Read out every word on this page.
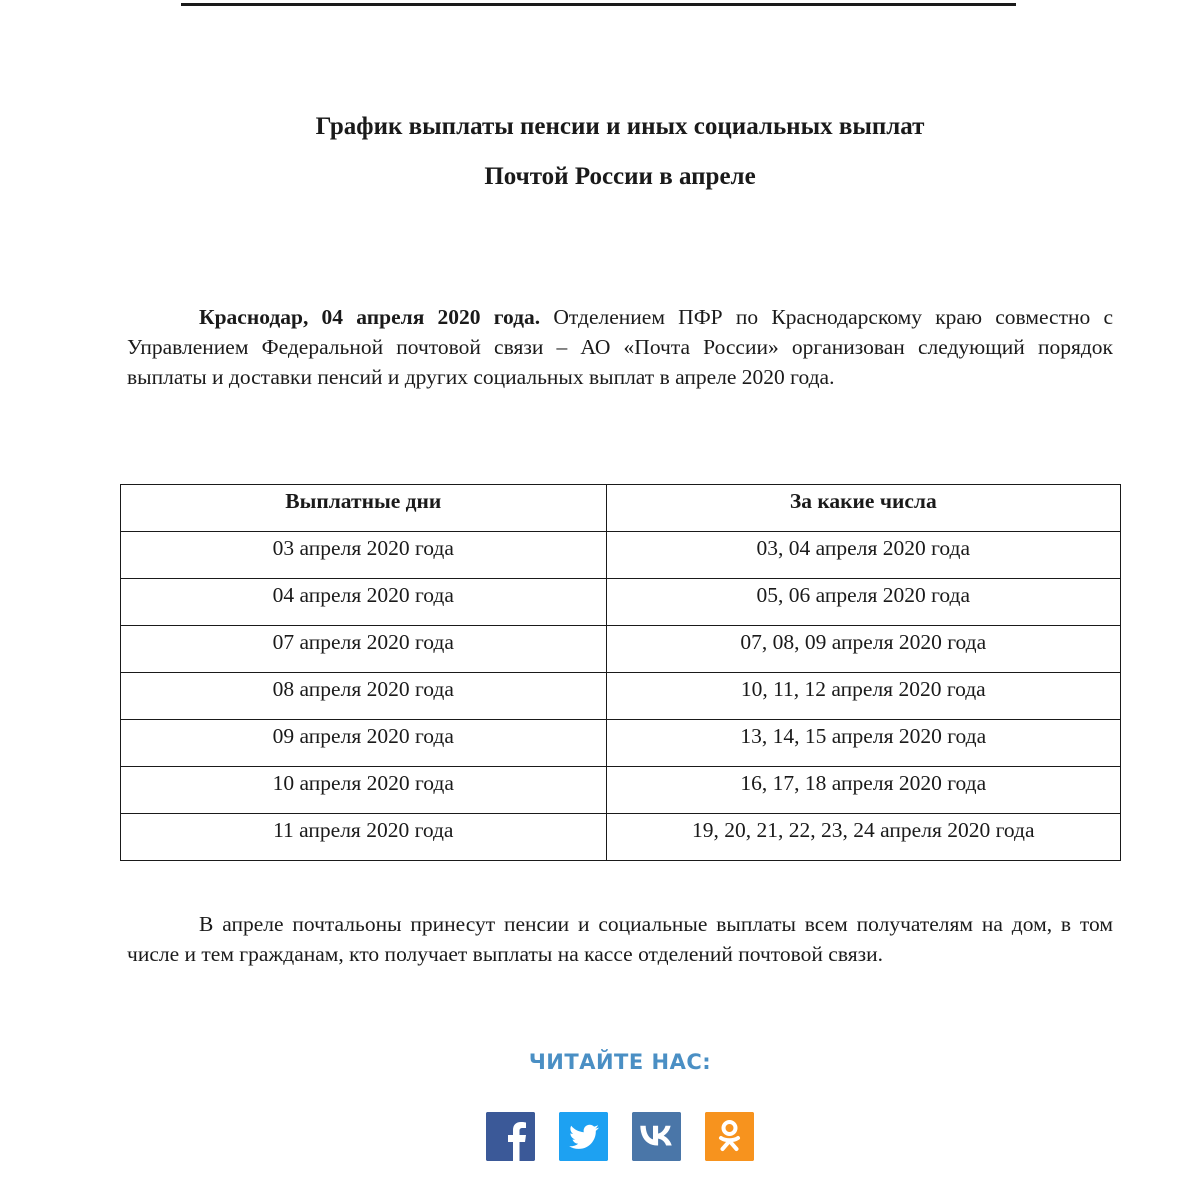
График выплаты пенсии и иных социальных выплат
Почтой России в апреле

Краснодар, 04 апреля 2020 года. Отделением ПФР по Краснодарскому краю совместно с Управлением Федеральной почтовой связи – АО «Почта России» организован следующий порядок выплаты и доставки пенсий и других социальных выплат в апреле 2020 года.

Выплатные дни	За какие числа
03 апреля 2020 года	03, 04 апреля 2020 года
04 апреля 2020 года	05, 06 апреля 2020 года
07 апреля 2020 года	07, 08, 09 апреля 2020 года
08 апреля 2020 года	10, 11, 12 апреля 2020 года
09 апреля 2020 года	13, 14, 15 апреля 2020 года
10 апреля 2020 года	16, 17, 18 апреля 2020 года
11 апреля 2020 года	19, 20, 21, 22, 23, 24 апреля 2020 года

В апреле почтальоны принесут пенсии и социальные выплаты всем получателям на дом, в том числе и тем гражданам, кто получает выплаты на кассе отделений почтовой связи.

ЧИТАЙТЕ НАС:
